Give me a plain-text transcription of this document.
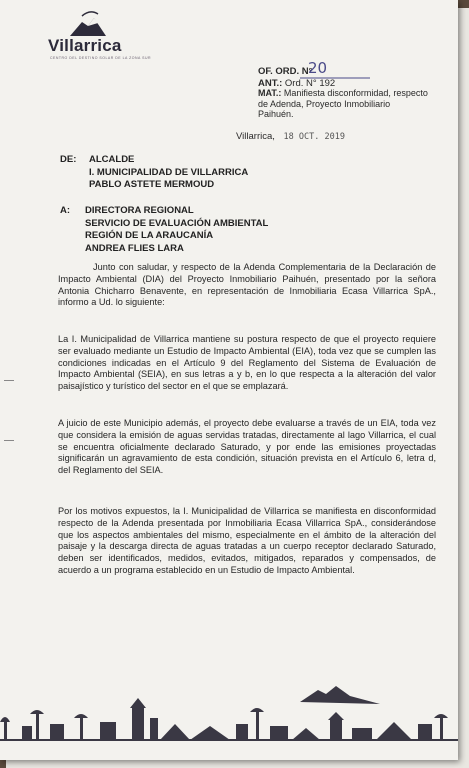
Villarrica
CENTRO DEL DESTINO SOLAR DE LA ZONA SUR
OF. ORD. N°
20
ANT.: Ord. N° 192
MAT.: Manifiesta disconformidad, respecto de Adenda, Proyecto Inmobiliario Paihuén.
Villarrica, 18 OCT. 2019
DE: ALCALDE
I. MUNICIPALIDAD DE VILLARRICA
PABLO ASTETE MERMOUD
A: DIRECTORA REGIONAL
SERVICIO DE EVALUACIÓN AMBIENTAL
REGIÓN DE LA ARAUCANÍA
ANDREA FLIES LARA
Junto con saludar, y respecto de la Adenda Complementaria de la Declaración de Impacto Ambiental (DIA) del Proyecto Inmobiliario Paihuén, presentado por la señora Antonia Chicharro Benavente, en representación de Inmobiliaria Ecasa Villarrica SpA., informo a Ud. lo siguiente:
La I. Municipalidad de Villarrica mantiene su postura respecto de que el proyecto requiere ser evaluado mediante un Estudio de Impacto Ambiental (EIA), toda vez que se cumplen las condiciones indicadas en el Artículo 9 del Reglamento del Sistema de Evaluación de Impacto Ambiental (SEIA), en sus letras a y b, en lo que respecta a la alteración del valor paisajístico y turístico del sector en el que se emplazará.
A juicio de este Municipio además, el proyecto debe evaluarse a través de un EIA, toda vez que considera la emisión de aguas servidas tratadas, directamente al lago Villarrica, el cual se encuentra oficialmente declarado Saturado, y por ende las emisiones proyectadas significarán un agravamiento de esta condición, situación prevista en el Artículo 6, letra d, del Reglamento del SEIA.
Por los motivos expuestos, la I. Municipalidad de Villarrica se manifiesta en disconformidad respecto de la Adenda presentada por Inmobiliaria Ecasa Villarrica SpA., considerándose que los aspectos ambientales del mismo, especialmente en el ámbito de la alteración del paisaje y la descarga directa de aguas tratadas a un cuerpo receptor declarado Saturado, deben ser identificados, medidos, evitados, mitigados, reparados y compensados, de acuerdo a un programa establecido en un Estudio de Impacto Ambiental.
